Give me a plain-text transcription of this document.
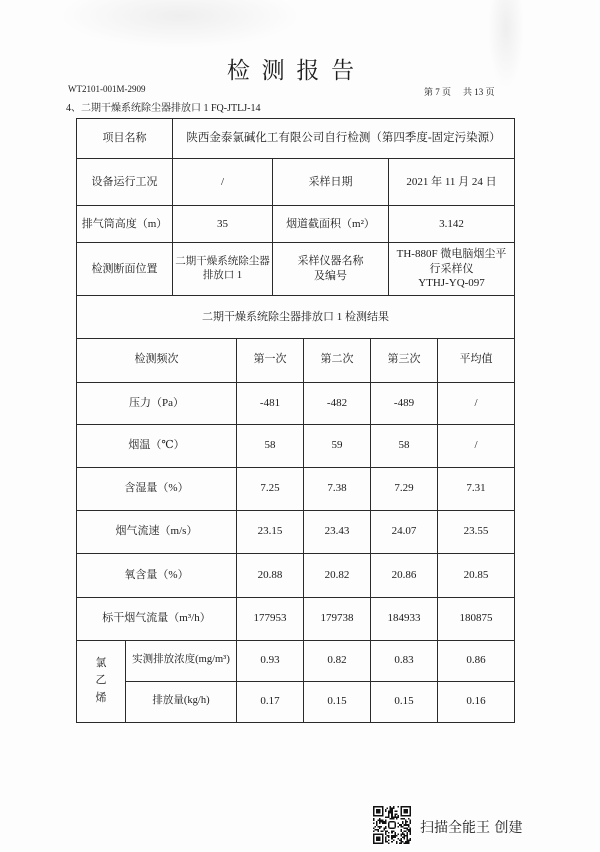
检 测 报 告
WT2101-001M-2909	第 7 页 共 13 页
4、二期干燥系统除尘器排放口 1 FQ-JTLJ-14
项目名称	陕西金泰氯碱化工有限公司自行检测（第四季度-固定污染源）		
设备运行工况	/	采样日期	2021 年 11 月 24 日
排气筒高度（m）	35	烟道截面积（m²）	3.142
检测断面位置	二期干燥系统除尘器排放口 1	采样仪器名称及编号	TH-880F 微电脑烟尘平行采样仪
YTHJ-YQ-097

二期干燥系统除尘器排放口 1 检测结果			
检测频次		第一次	第二次	第三次	平均值
压力（Pa）		-481	-482	-489	/
烟温（℃）		58	59	58	/
含湿量（%）		7.25	7.38	7.29	7.31
烟气流速（m/s）		23.15	23.43	24.07	23.55
氧含量（%）		20.88	20.82	20.86	20.85
标干烟气流量（m³/h）		177953	179738	184933	180875
氯乙烯	实测排放浓度(mg/m³)	0.93	0.82	0.83	0.86
	排放量(kg/h)	0.17	0.15	0.15	0.16
扫描全能王 创建
